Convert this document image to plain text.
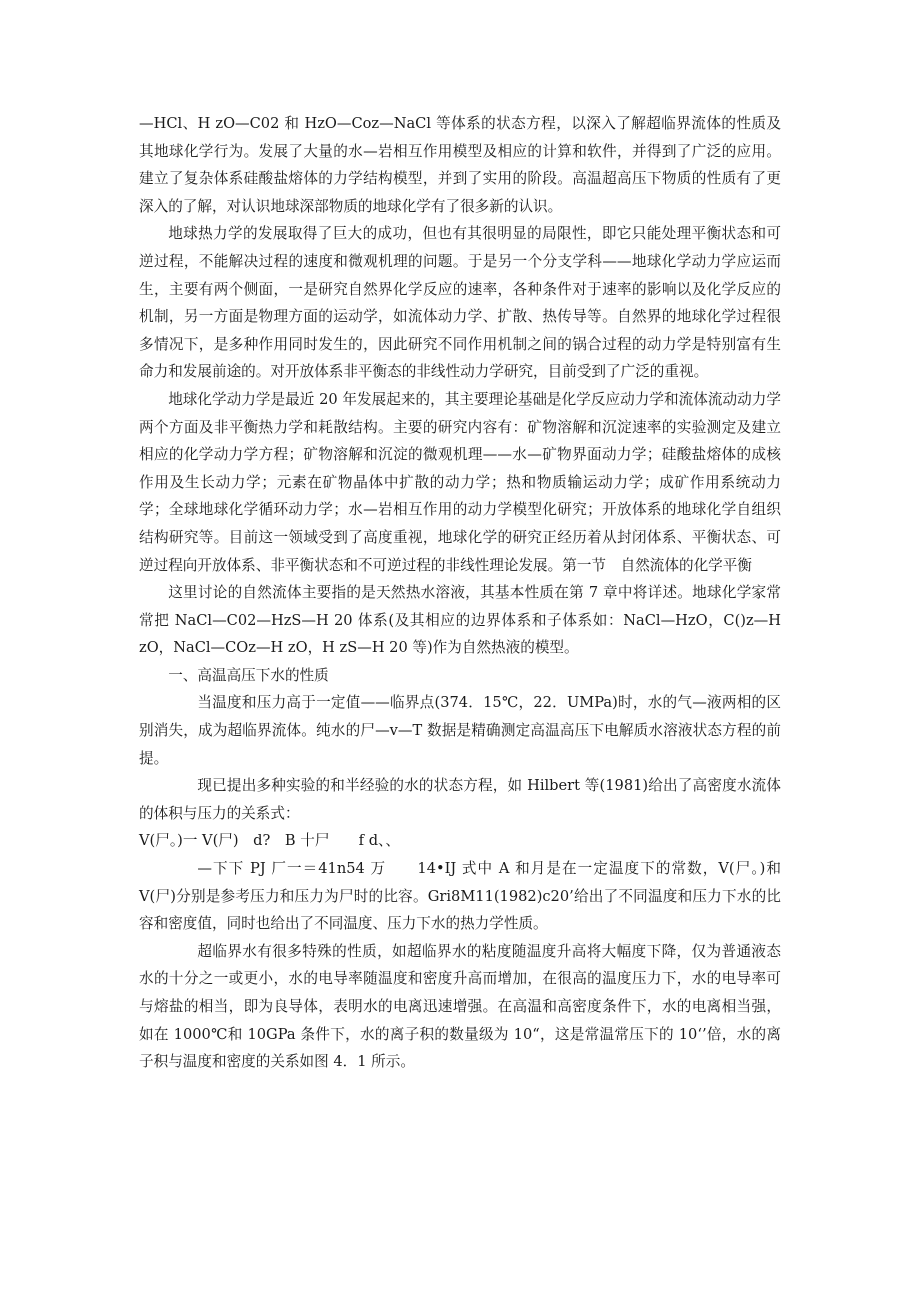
—HCl、H zO—C02 和 HzO—Coz—NaCl 等体系的状态方程，以深入了解超临界流体的性质及其地球化学行为。发展了大量的水—岩相互作用模型及相应的计算和软件，并得到了广泛的应用。建立了复杂体系硅酸盐熔体的力学结构模型，并到了实用的阶段。高温超高压下物质的性质有了更深入的了解，对认识地球深部物质的地球化学有了很多新的认识。

地球热力学的发展取得了巨大的成功，但也有其很明显的局限性，即它只能处理平衡状态和可逆过程，不能解决过程的速度和微观机理的问题。于是另一个分支学科——地球化学动力学应运而生，主要有两个侧面，一是研究自然界化学反应的速率，各种条件对于速率的影响以及化学反应的机制，另一方面是物理方面的运动学，如流体动力学、扩散、热传导等。自然界的地球化学过程很多情况下，是多种作用同时发生的，因此研究不同作用机制之间的锅合过程的动力学是特别富有生命力和发展前途的。对开放体系非平衡态的非线性动力学研究，目前受到了广泛的重视。

地球化学动力学是最近 20 年发展起来的，其主要理论基础是化学反应动力学和流体流动动力学两个方面及非平衡热力学和耗散结构。主要的研究内容有：矿物溶解和沉淀速率的实验测定及建立相应的化学动力学方程；矿物溶解和沉淀的微观机理——水—矿物界面动力学；硅酸盐熔体的成核作用及生长动力学；元素在矿物晶体中扩散的动力学；热和物质输运动力学；成矿作用系统动力学；全球地球化学循环动力学；水—岩相互作用的动力学模型化研究；开放体系的地球化学自组织结构研究等。目前这一领域受到了高度重视，地球化学的研究正经历着从封闭体系、平衡状态、可逆过程向开放体系、非平衡状态和不可逆过程的非线性理论发展。第一节　自然流体的化学平衡

这里讨论的自然流体主要指的是天然热水溶液，其基本性质在第 7 章中将详述。地球化学家常常把 NaCl—C02—HzS—H 20 体系(及其相应的边界体系和子体系如：NaCl—HzO，C()z—H zO，NaCl—COz—H zO，H zS—H 20 等)作为自然热液的模型。

一、高温高压下水的性质

当温度和压力高于一定值——临界点(374．15℃，22．UMPa)时，水的气—液两相的区别消失，成为超临界流体。纯水的尸—v—T 数据是精确测定高温高压下电解质水溶液状态方程的前提。

现已提出多种实验的和半经验的水的状态方程，如 Hilbert 等(1981)给出了高密度水流体的体积与压力的关系式：

V(尸。)一 V(尸)　d?　B 十尸　　f d、、

—下下 PJ 厂一＝41n54 万　　14•IJ 式中 A 和月是在一定温度下的常数，V(尸。)和 V(尸)分别是参考压力和压力为尸时的比容。Gri8M11(1982)c20’给出了不同温度和压力下水的比容和密度值，同时也给出了不同温度、压力下水的热力学性质。

超临界水有很多特殊的性质，如超临界水的粘度随温度升高将大幅度下降，仅为普通液态水的十分之一或更小，水的电导率随温度和密度升高而增加，在很高的温度压力下，水的电导率可与熔盐的相当，即为良导体，表明水的电离迅速增强。在高温和高密度条件下，水的电离相当强，如在 1000℃和 10GPa 条件下，水的离子积的数量级为 10“，这是常温常压下的 10‘’倍，水的离子积与温度和密度的关系如图 4．1 所示。
